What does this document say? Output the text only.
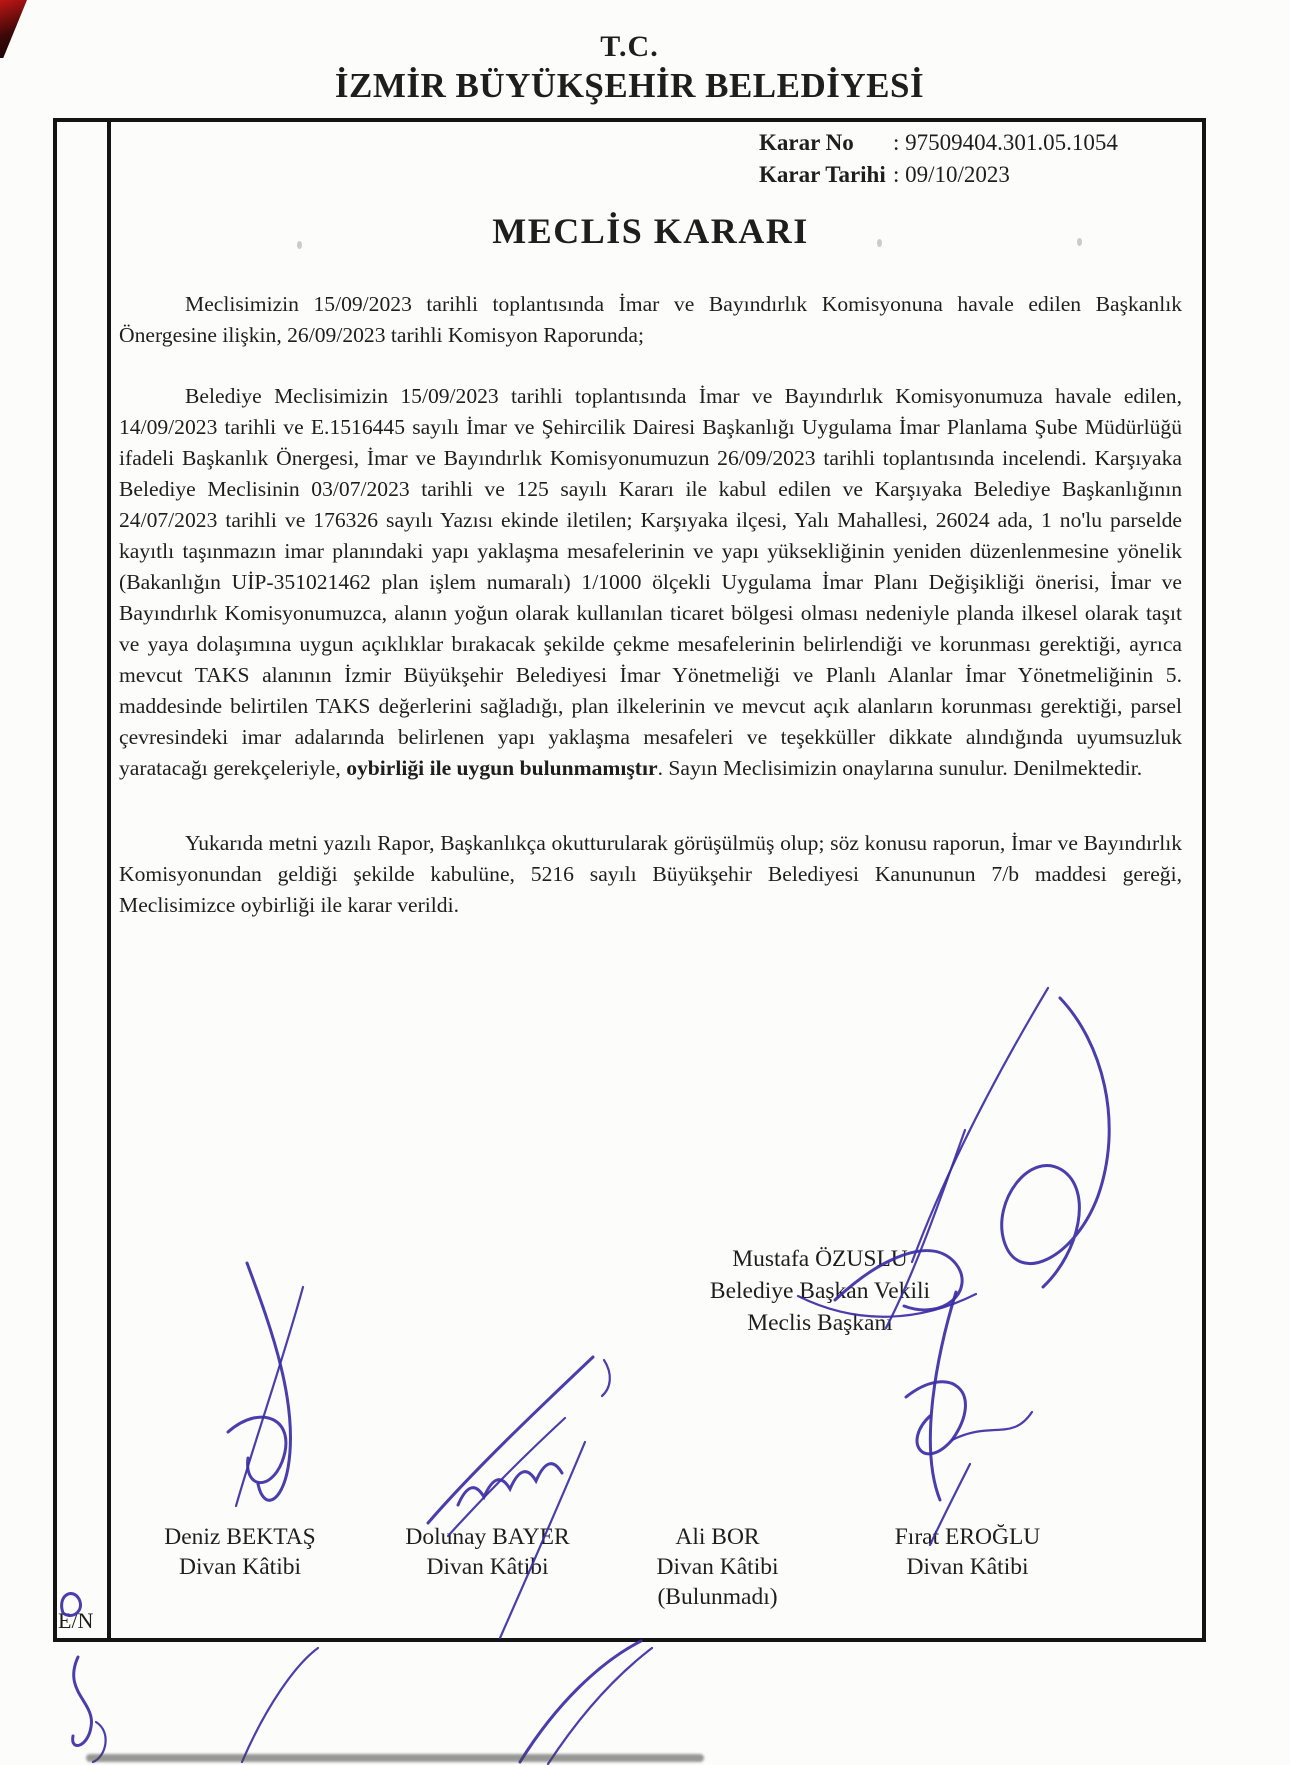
T.C.
İZMİR BÜYÜKŞEHİR BELEDİYESİ
Karar No	: 97509404.301.05.1054
Karar Tarihi : 09/10/2023
MECLİS KARARI

Meclisimizin 15/09/2023 tarihli toplantısında İmar ve Bayındırlık Komisyonuna havale edilen Başkanlık Önergesine ilişkin, 26/09/2023 tarihli Komisyon Raporunda;

Belediye Meclisimizin 15/09/2023 tarihli toplantısında İmar ve Bayındırlık Komisyonumuza havale edilen, 14/09/2023 tarihli ve E.1516445 sayılı İmar ve Şehircilik Dairesi Başkanlığı Uygulama İmar Planlama Şube Müdürlüğü ifadeli Başkanlık Önergesi, İmar ve Bayındırlık Komisyonumuzun 26/09/2023 tarihli toplantısında incelendi. Karşıyaka Belediye Meclisinin 03/07/2023 tarihli ve 125 sayılı Kararı ile kabul edilen ve Karşıyaka Belediye Başkanlığının 24/07/2023 tarihli ve 176326 sayılı Yazısı ekinde iletilen; Karşıyaka ilçesi, Yalı Mahallesi, 26024 ada, 1 no'lu parselde kayıtlı taşınmazın imar planındaki yapı yaklaşma mesafelerinin ve yapı yüksekliğinin yeniden düzenlenmesine yönelik (Bakanlığın UİP-351021462 plan işlem numaralı) 1/1000 ölçekli Uygulama İmar Planı Değişikliği önerisi, İmar ve Bayındırlık Komisyonumuzca, alanın yoğun olarak kullanılan ticaret bölgesi olması nedeniyle planda ilkesel olarak taşıt ve yaya dolaşımına uygun açıklıklar bırakacak şekilde çekme mesafelerinin belirlendiği ve korunması gerektiği, ayrıca mevcut TAKS alanının İzmir Büyükşehir Belediyesi İmar Yönetmeliği ve Planlı Alanlar İmar Yönetmeliğinin 5. maddesinde belirtilen TAKS değerlerini sağladığı, plan ilkelerinin ve mevcut açık alanların korunması gerektiği, parsel çevresindeki imar adalarında belirlenen yapı yaklaşma mesafeleri ve teşekküller dikkate alındığında uyumsuzluk yaratacağı gerekçeleriyle, oybirliği ile uygun bulunmamıştır. Sayın Meclisimizin onaylarına sunulur. Denilmektedir.

Yukarıda metni yazılı Rapor, Başkanlıkça okutturularak görüşülmüş olup; söz konusu raporun, İmar ve Bayındırlık Komisyonundan geldiği şekilde kabulüne, 5216 sayılı Büyükşehir Belediyesi Kanununun 7/b maddesi gereği, Meclisimizce oybirliği ile karar verildi.

Mustafa ÖZUSLU
Belediye Başkan Vekili
Meclis Başkanı
Deniz BEKTAŞ
Divan Kâtibi
Dolunay BAYER
Divan Kâtibi
Ali BOR
Divan Kâtibi
(Bulunmadı)
Fırat EROĞLU
Divan Kâtibi
E/N
